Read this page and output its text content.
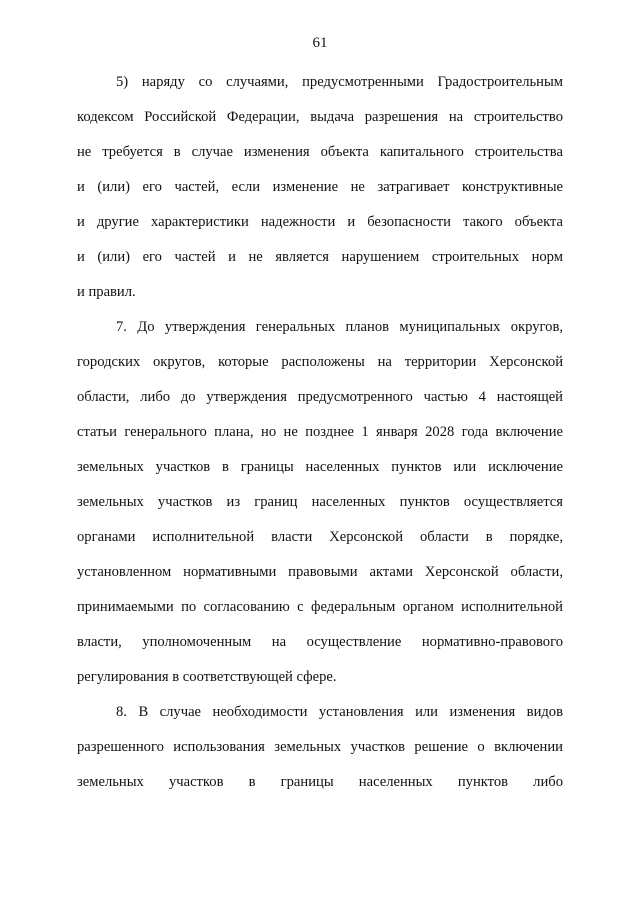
61
5) наряду со случаями, предусмотренными Градостроительным
кодексом Российской Федерации, выдача разрешения на строительство
не требуется в случае изменения объекта капитального строительства
и (или) его частей, если изменение не затрагивает конструктивные
и другие характеристики надежности и безопасности такого объекта
и (или) его частей и не является нарушением строительных норм
и правил.
7. До утверждения генеральных планов муниципальных округов,
городских округов, которые расположены на территории Херсонской
области, либо до утверждения предусмотренного частью 4 настоящей
статьи генерального плана, но не позднее 1 января 2028 года включение
земельных участков в границы населенных пунктов или исключение
земельных участков из границ населенных пунктов осуществляется
органами исполнительной власти Херсонской области в порядке,
установленном нормативными правовыми актами Херсонской области,
принимаемыми по согласованию с федеральным органом исполнительной
власти, уполномоченным на осуществление нормативно-правового
регулирования в соответствующей сфере.
8. В случае необходимости установления или изменения видов
разрешенного использования земельных участков решение о включении
земельных участков в границы населенных пунктов либо
